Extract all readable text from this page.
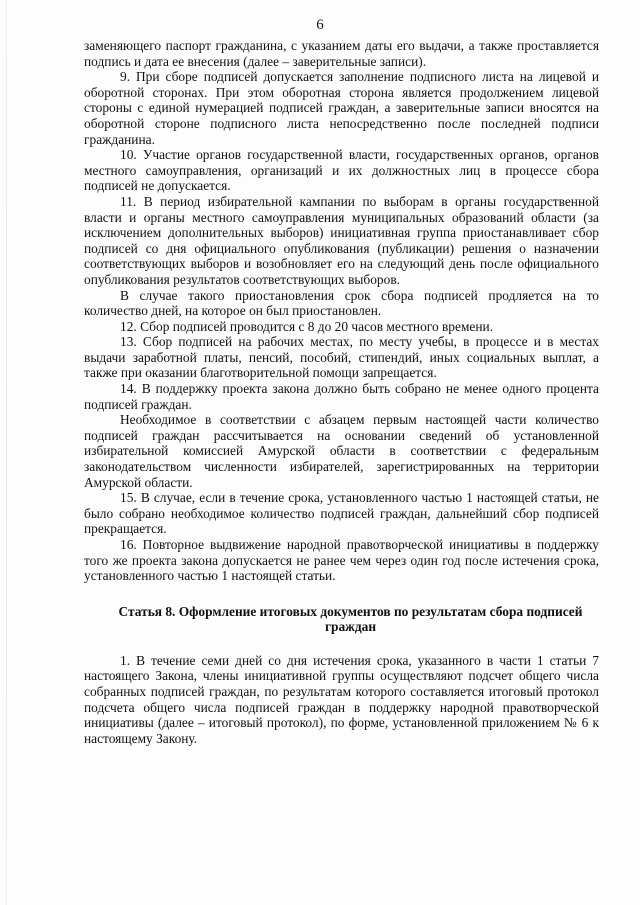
6

заменяющего паспорт гражданина, с указанием даты его выдачи, а также проставляется подпись и дата ее внесения (далее – заверительные записи).

9. При сборе подписей допускается заполнение подписного листа на лицевой и оборотной сторонах. При этом оборотная сторона является продолжением лицевой стороны с единой нумерацией подписей граждан, а заверительные записи вносятся на оборотной стороне подписного листа непосредственно после последней подписи гражданина.

10. Участие органов государственной власти, государственных органов, органов местного самоуправления, организаций и их должностных лиц в процессе сбора подписей не допускается.

11. В период избирательной кампании по выборам в органы государственной власти и органы местного самоуправления муниципальных образований области (за исключением дополнительных выборов) инициативная группа приостанавливает сбор подписей со дня официального опубликования (публикации) решения о назначении соответствующих выборов и возобновляет его на следующий день после официального опубликования результатов соответствующих выборов.

В случае такого приостановления срок сбора подписей продляется на то количество дней, на которое он был приостановлен.

12. Сбор подписей проводится с 8 до 20 часов местного времени.

13. Сбор подписей на рабочих местах, по месту учебы, в процессе и в местах выдачи заработной платы, пенсий, пособий, стипендий, иных социальных выплат, а также при оказании благотворительной помощи запрещается.

14. В поддержку проекта закона должно быть собрано не менее одного процента подписей граждан.

Необходимое в соответствии с абзацем первым настоящей части количество подписей граждан рассчитывается на основании сведений об установленной избирательной комиссией Амурской области в соответствии с федеральным законодательством численности избирателей, зарегистрированных на территории Амурской области.

15. В случае, если в течение срока, установленного частью 1 настоящей статьи, не было собрано необходимое количество подписей граждан, дальнейший сбор подписей прекращается.

16. Повторное выдвижение народной правотворческой инициативы в поддержку того же проекта закона допускается не ранее чем через один год после истечения срока, установленного частью 1 настоящей статьи.

Статья 8. Оформление итоговых документов по результатам сбора подписей граждан

1. В течение семи дней со дня истечения срока, указанного в части 1 статьи 7 настоящего Закона, члены инициативной группы осуществляют подсчет общего числа собранных подписей граждан, по результатам которого составляется итоговый протокол подсчета общего числа подписей граждан в поддержку народной правотворческой инициативы (далее – итоговый протокол), по форме, установленной приложением № 6 к настоящему Закону.
